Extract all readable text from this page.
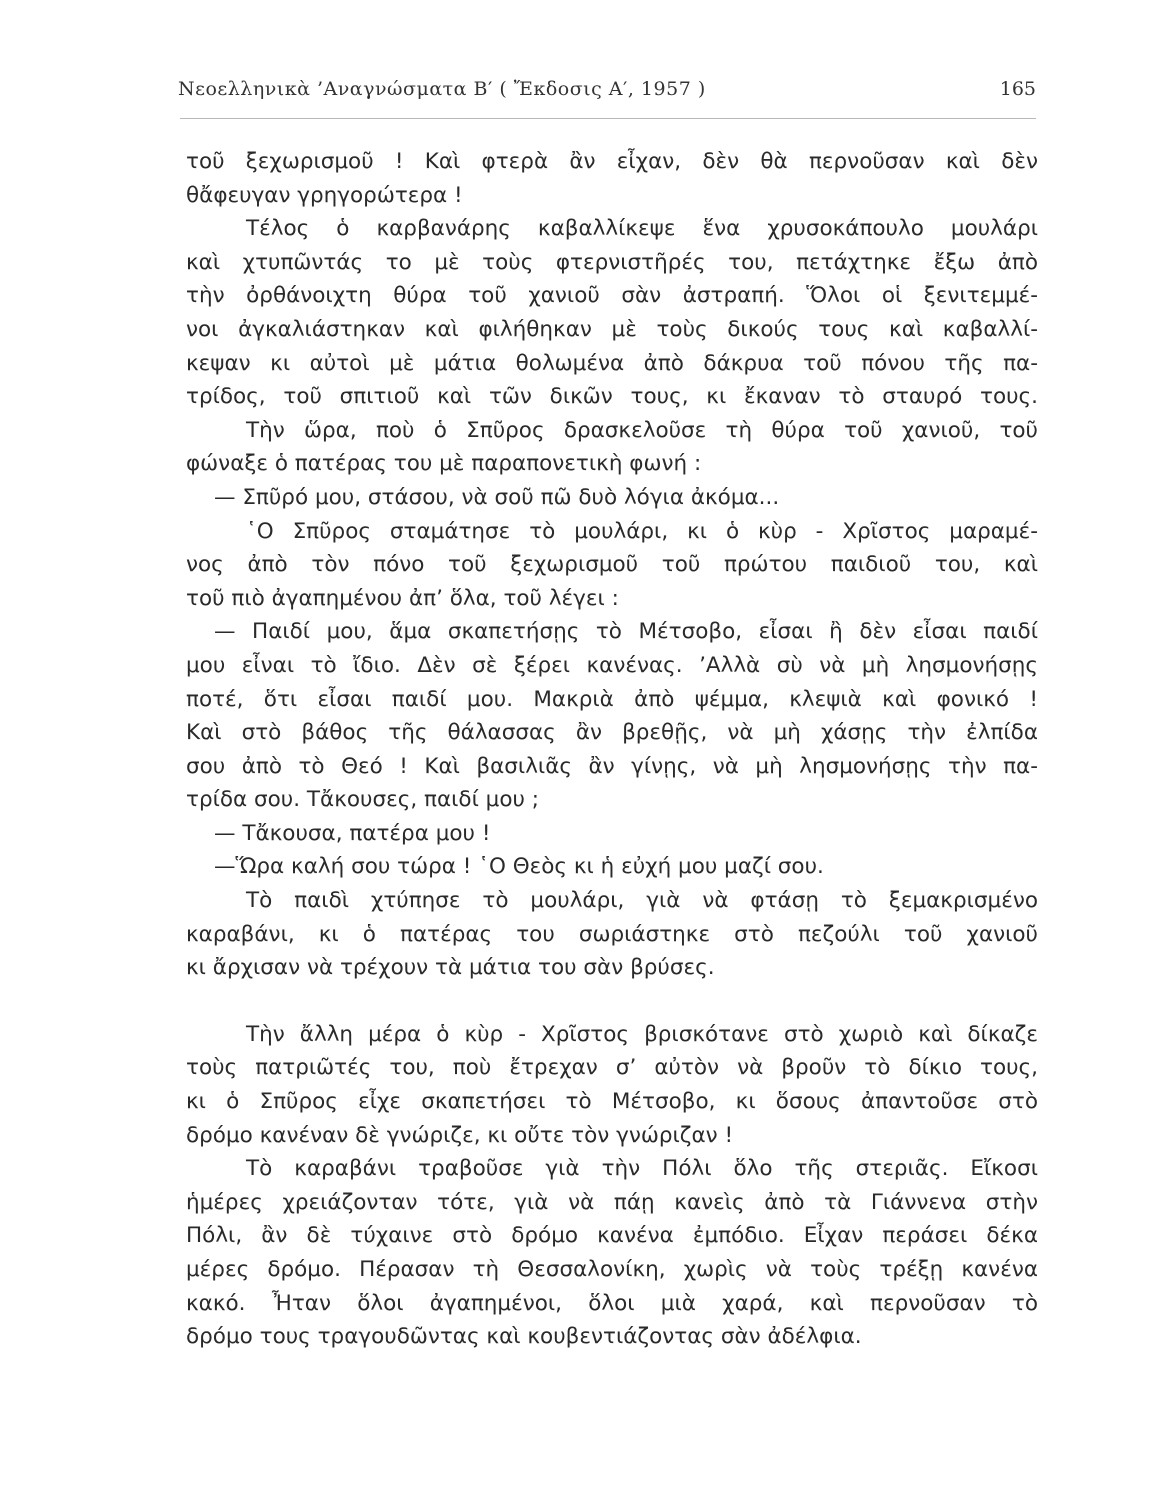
Νεοελληνικὰ ’Αναγνώσματα Β′ ( Ἔκδοσις Α′, 1957 )	165
τοῦ ξεχωρισμοῦ ! Καὶ φτερὰ ἂν εἶχαν, δὲν θὰ περνοῦσαν καὶ δὲν
θἄφευγαν γρηγορώτερα !
Τέλος ὁ καρβανάρης καβαλλίκεψε ἕνα χρυσοκάπουλο μουλάρι
καὶ χτυπῶντάς το μὲ τοὺς φτερνιστῆρές του, πετάχτηκε ἔξω ἀπὸ
τὴν ὀρθάνοιχτη θύρα τοῦ χανιοῦ σὰν ἀστραπή. Ὅλοι οἱ ξενιτεμμέ-
νοι ἀγκαλιάστηκαν καὶ φιλήθηκαν μὲ τοὺς δικούς τους καὶ καβαλλί-
κεψαν κι αὐτοὶ μὲ μάτια θολωμένα ἀπὸ δάκρυα τοῦ πόνου τῆς πα-
τρίδος, τοῦ σπιτιοῦ καὶ τῶν δικῶν τους, κι ἔκαναν τὸ σταυρό τους.
Τὴν ὥρα, ποὺ ὁ Σπῦρος δρασκελοῦσε τὴ θύρα τοῦ χανιοῦ, τοῦ
φώναξε ὁ πατέρας του μὲ παραπονετικὴ φωνή :
— Σπῦρό μου, στάσου, νὰ σοῦ πῶ δυὸ λόγια ἀκόμα...
῾Ο Σπῦρος σταμάτησε τὸ μουλάρι, κι ὁ κὺρ - Χρῖστος μαραμέ-
νος ἀπὸ τὸν πόνο τοῦ ξεχωρισμοῦ τοῦ πρώτου παιδιοῦ του, καὶ
τοῦ πιὸ ἀγαπημένου ἀπ’ ὅλα, τοῦ λέγει :
— Παιδί μου, ἅμα σκαπετήσῃς τὸ Μέτσοβο, εἶσαι ἢ δὲν εἶσαι παιδί
μου εἶναι τὸ ἴδιο. Δὲν σὲ ξέρει κανένας. ’Αλλὰ σὺ νὰ μὴ λησμονήσῃς
ποτέ, ὅτι εἶσαι παιδί μου. Μακριὰ ἀπὸ ψέμμα, κλεψιὰ καὶ φονικό !
Καὶ στὸ βάθος τῆς θάλασσας ἂν βρεθῇς, νὰ μὴ χάσῃς τὴν ἐλπίδα
σου ἀπὸ τὸ Θεό ! Καὶ βασιλιᾶς ἂν γίνῃς, νὰ μὴ λησμονήσῃς τὴν πα-
τρίδα σου. Τἄκουσες, παιδί μου ;
— Τἄκουσα, πατέρα μου !
—Ὥρα καλή σου τώρα ! ῾Ο Θεὸς κι ἡ εὐχή μου μαζί σου.
Τὸ παιδὶ χτύπησε τὸ μουλάρι, γιὰ νὰ φτάσῃ τὸ ξεμακρισμένο
καραβάνι, κι ὁ πατέρας του σωριάστηκε στὸ πεζούλι τοῦ χανιοῦ
κι ἄρχισαν νὰ τρέχουν τὰ μάτια του σὰν βρύσες.
Τὴν ἄλλη μέρα ὁ κὺρ - Χρῖστος βρισκότανε στὸ χωριὸ καὶ δίκαζε
τοὺς πατριῶτές του, ποὺ ἔτρεχαν σ’ αὐτὸν νὰ βροῦν τὸ δίκιο τους,
κι ὁ Σπῦρος εἶχε σκαπετήσει τὸ Μέτσοβο, κι ὅσους ἀπαντοῦσε στὸ
δρόμο κανέναν δὲ γνώριζε, κι οὔτε τὸν γνώριζαν !
Τὸ καραβάνι τραβοῦσε γιὰ τὴν Πόλι ὅλο τῆς στεριᾶς. Εἴκοσι
ἡμέρες χρειάζονταν τότε, γιὰ νὰ πάῃ κανεὶς ἀπὸ τὰ Γιάννενα στὴν
Πόλι, ἂν δὲ τύχαινε στὸ δρόμο κανένα ἐμπόδιο. Εἶχαν περάσει δέκα
μέρες δρόμο. Πέρασαν τὴ Θεσσαλονίκη, χωρὶς νὰ τοὺς τρέξῃ κανένα
κακό. Ἦταν ὅλοι ἀγαπημένοι, ὅλοι μιὰ χαρά, καὶ περνοῦσαν τὸ
δρόμο τους τραγουδῶντας καὶ κουβεντιάζοντας σὰν ἀδέλφια.
